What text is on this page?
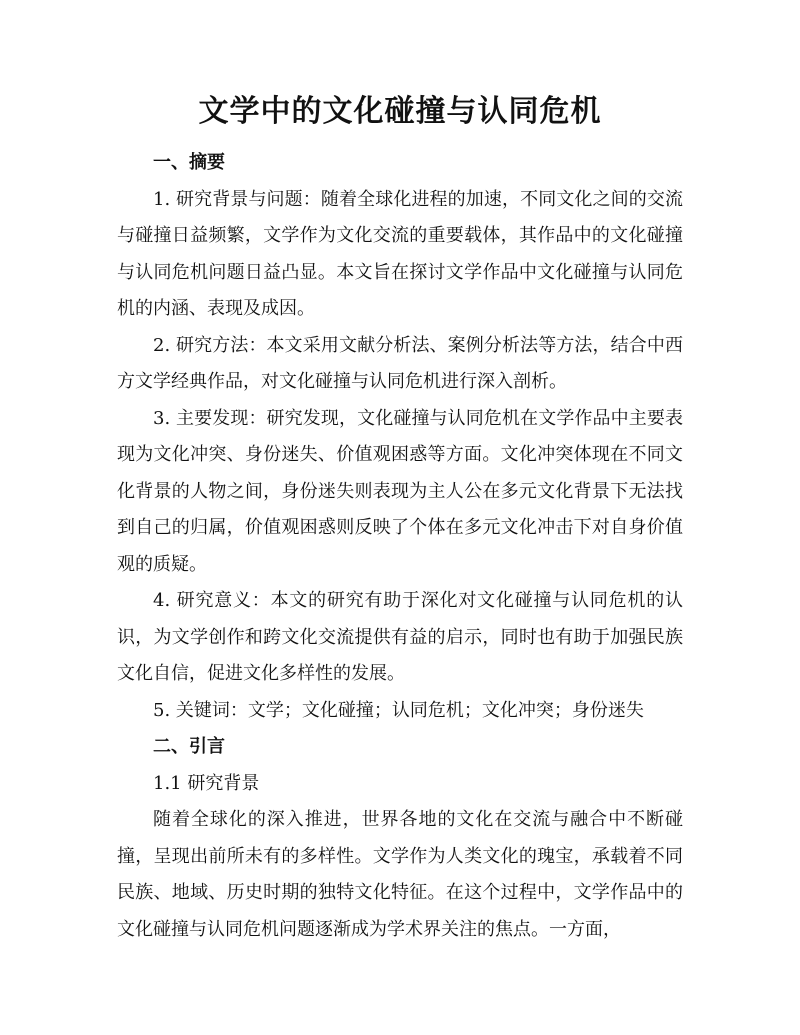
文学中的文化碰撞与认同危机

一、摘要

1. 研究背景与问题：随着全球化进程的加速，不同文化之间的交流与碰撞日益频繁，文学作为文化交流的重要载体，其作品中的文化碰撞与认同危机问题日益凸显。本文旨在探讨文学作品中文化碰撞与认同危机的内涵、表现及成因。

2. 研究方法：本文采用文献分析法、案例分析法等方法，结合中西方文学经典作品，对文化碰撞与认同危机进行深入剖析。

3. 主要发现：研究发现，文化碰撞与认同危机在文学作品中主要表现为文化冲突、身份迷失、价值观困惑等方面。文化冲突体现在不同文化背景的人物之间，身份迷失则表现为主人公在多元文化背景下无法找到自己的归属，价值观困惑则反映了个体在多元文化冲击下对自身价值观的质疑。

4. 研究意义：本文的研究有助于深化对文化碰撞与认同危机的认识，为文学创作和跨文化交流提供有益的启示，同时也有助于加强民族文化自信，促进文化多样性的发展。

5. 关键词：文学；文化碰撞；认同危机；文化冲突；身份迷失

二、引言

1.1 研究背景

随着全球化的深入推进，世界各地的文化在交流与融合中不断碰撞，呈现出前所未有的多样性。文学作为人类文化的瑰宝，承载着不同民族、地域、历史时期的独特文化特征。在这个过程中，文学作品中的文化碰撞与认同危机问题逐渐成为学术界关注的焦点。一方面，
